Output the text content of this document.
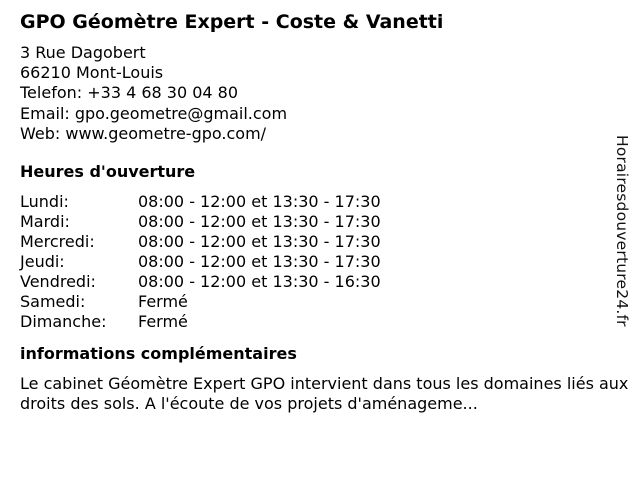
GPO Géomètre Expert - Coste & Vanetti
3 Rue Dagobert
66210 Mont-Louis
Telefon: +33 4 68 30 04 80
Email: gpo.geometre@gmail.com
Web: www.geometre-gpo.com/
Heures d'ouverture
Lundi:	08:00 - 12:00 et 13:30 - 17:30
Mardi:	08:00 - 12:00 et 13:30 - 17:30
Mercredi:	08:00 - 12:00 et 13:30 - 17:30
Jeudi:	08:00 - 12:00 et 13:30 - 17:30
Vendredi:	08:00 - 12:00 et 13:30 - 16:30
Samedi:	Fermé
Dimanche:	Fermé
informations complémentaires
Le cabinet Géomètre Expert GPO intervient dans tous les domaines liés aux droits des sols. A l'écoute de vos projets d'aménageme...
Horairesdouverture24.fr
